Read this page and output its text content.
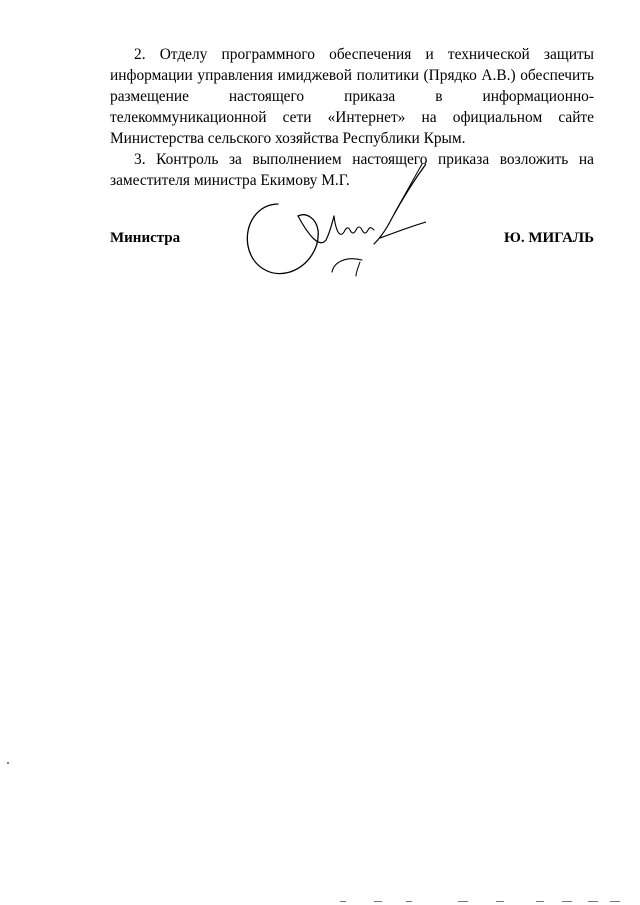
2. Отделу программного обеспечения и технической защиты информации управления имиджевой политики (Прядко А.В.) обеспечить размещение настоящего приказа в информационно-телекоммуникационной сети «Интернет» на официальном сайте Министерства сельского хозяйства Республики Крым.

3. Контроль за выполнением настоящего приказа возложить на заместителя министра Екимову М.Г.

Министра	Ю. МИГАЛЬ
